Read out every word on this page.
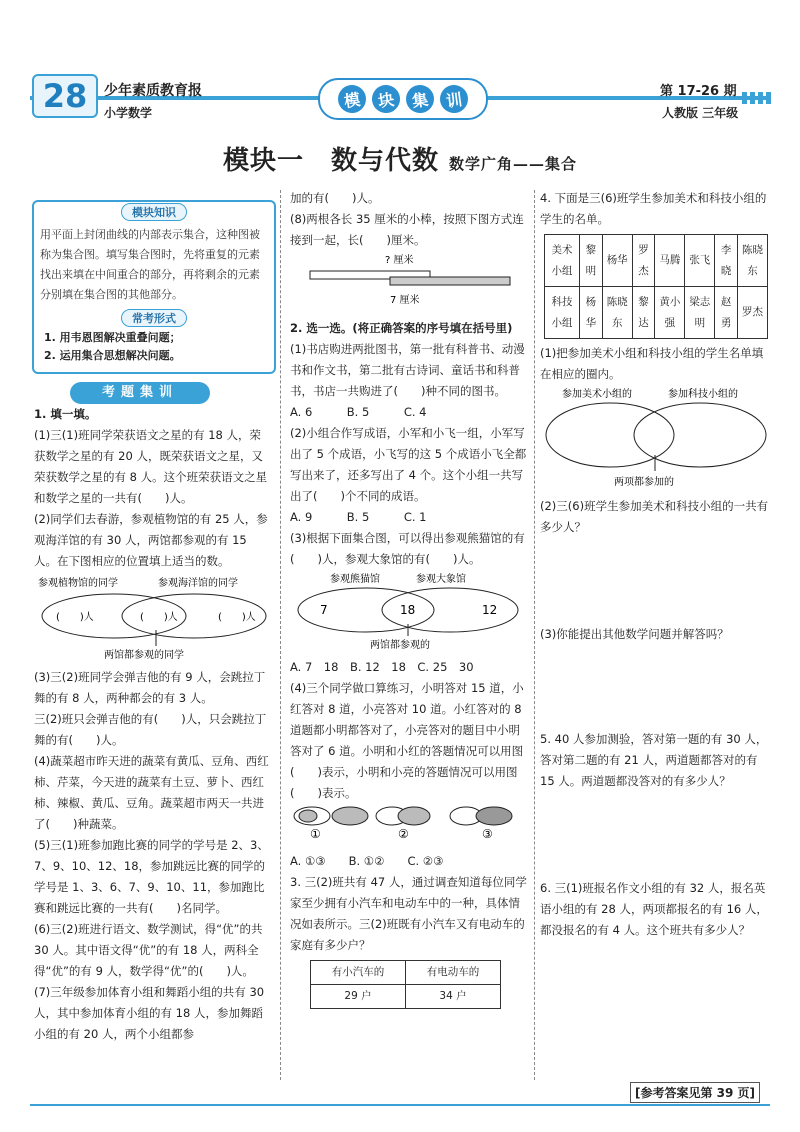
28	少年素质教育报
小学数学
模 块 集 训	第 17-26 期
人教版 三年级
模块一　数与代数 数学广角——集合
模块知识
用平面上封闭曲线的内部表示集合，这种图被称为集合图。填写集合图时，先将重复的元素找出来填在中间重合的部分，再将剩余的元素分别填在集合图的其他部分。
常考形式
1. 用韦恩图解决重叠问题；
2. 运用集合思想解决问题。
考题集训

1. 填一填。

(1)三(1)班同学荣获语文之星的有 18 人，荣获数学之星的有 20 人，既荣获语文之星，又荣获数学之星的有 8 人。这个班荣获语文之星和数学之星的一共有(　　)人。

(2)同学们去春游，参观植物馆的有 25 人，参观海洋馆的有 30 人，两馆都参观的有 15 人。在下图相应的位置填上适当的数。

参观植物馆的同学	参观海洋馆的同学
(　　)人	(　　)人	(　　)人
两馆都参观的同学

(3)三(2)班同学会弹吉他的有 9 人，会跳拉丁舞的有 8 人，两种都会的有 3 人。

三(2)班只会弹吉他的有(　　)人，只会跳拉丁舞的有(　　)人。

(4)蔬菜超市昨天进的蔬菜有黄瓜、豆角、西红柿、芹菜，今天进的蔬菜有土豆、萝卜、西红柿、辣椒、黄瓜、豆角。蔬菜超市两天一共进了(　　)种蔬菜。

(5)三(1)班参加跑比赛的同学的学号是 2、3、7、9、10、12、18，参加跳远比赛的同学的学号是 1、3、6、7、9、10、11，参加跑比赛和跳远比赛的一共有(　　)名同学。

(6)三(2)班进行语文、数学测试，得“优”的共 30 人。其中语文得“优”的有 18 人，两科全得“优”的有 9 人，数学得“优”的(　　)人。

(7)三年级参加体育小组和舞蹈小组的共有 30 人，其中参加体育小组的有 18 人，参加舞蹈小组的有 20 人，两个小组都参

加的有(　　)人。

(8)两根各长 35 厘米的小棒，按照下图方式连接到一起，长(　　)厘米。

? 厘米
7 厘米

2. 选一选。(将正确答案的序号填在括号里)

(1)书店购进两批图书，第一批有科普书、动漫书和作文书，第二批有古诗词、童话书和科普书，书店一共购进了(　　)种不同的图书。

A. 6　　　	B. 5　　　	C. 4

(2)小组合作写成语，小军和小飞一组，小军写出了 5 个成语，小飞写的这 5 个成语小飞全都写出来了，还多写出了 4 个。这个小组一共写出了(　　)个不同的成语。

A. 9　　　	B. 5　　　	C. 1

(3)根据下面集合图，可以得出参观熊猫馆的有(　　)人，参观大象馆的有(　　)人。

参观熊猫馆	参观大象馆
7	18	12
两馆都参观的

A. 7　18　 B. 12　18　 C. 25　30

(4)三个同学做口算练习，小明答对 15 道，小红答对 8 道，小亮答对 10 道。小红答对的 8 道题都小明都答对了，小亮答对的题目中小明答对了 6 道。小明和小红的答题情况可以用图(　　)表示，小明和小亮的答题情况可以用图(　　)表示。

①	②	③

A. ①③　　 B. ①②　　 C. ②③

3. 三(2)班共有 47 人，通过调查知道每位同学家至少拥有小汽车和电动车中的一种，具体情况如表所示。三(2)班既有小汽车又有电动车的家庭有多少户？

有小汽车的	有电动车的
29 户	34 户

4. 下面是三(6)班学生参加美术和科技小组的学生的名单。

美术小组	黎明	杨华	罗杰	马腾	张飞	李晓	陈晓东
科技小组	杨华	陈晓东	黎达	黄小强	梁志明	赵勇	罗杰

(1)把参加美术小组和科技小组的学生名单填在相应的圈内。

参加美术小组的	参加科技小组的
两项都参加的

(2)三(6)班学生参加美术和科技小组的一共有多少人？

(3)你能提出其他数学问题并解答吗？

5. 40 人参加测验，答对第一题的有 30 人，答对第二题的有 21 人，两道题都答对的有 15 人。两道题都没答对的有多少人？

6. 三(1)班报名作文小组的有 32 人，报名英语小组的有 28 人，两项都报名的有 16 人，都没报名的有 4 人。这个班共有多少人？

[参考答案见第 39 页]
